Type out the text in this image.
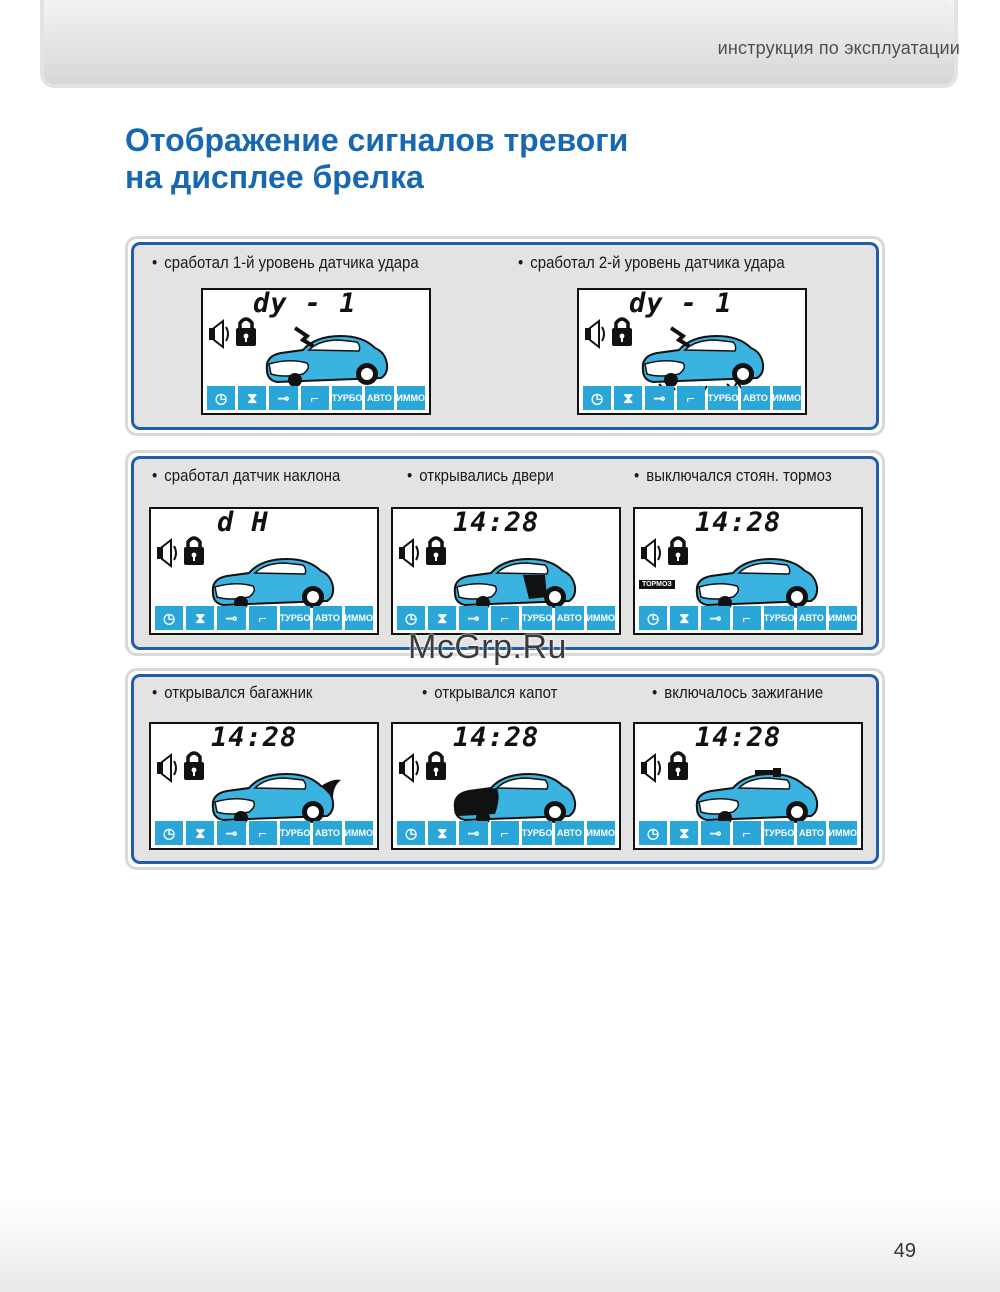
инструкция по эксплуатации
Отображение сигналов тревоги
на дисплее брелка
• сработал 1-й уровень датчика удара	• сработал 2-й уровень датчика удара
dy - 1
◷	⧗	⊸	⌐	ТУРБО АВТО ИММО
dy - 1
◷	⧗	⊸	⌐	ТУРБО АВТО ИММО
• сработал датчик наклона	• открывались двери	• выключался стоян. тормоз
d H
◷	⧗	⊸	⌐	ТУРБО АВТО ИММО
14:28
◷	⧗	⊸	⌐	ТУРБО АВТО ИММО
14:28
ТОРМОЗ
◷	⧗	⊸	⌐	ТУРБО АВТО ИММО
• открывался багажник	• открывался капот	• включалось зажигание
14:28
◷	⧗	⊸	⌐	ТУРБО АВТО ИММО
14:28
◷	⧗	⊸	⌐	ТУРБО АВТО ИММО
14:28
◷	⧗	⊸	⌐	ТУРБО АВТО ИММО
McGrp.Ru
49
